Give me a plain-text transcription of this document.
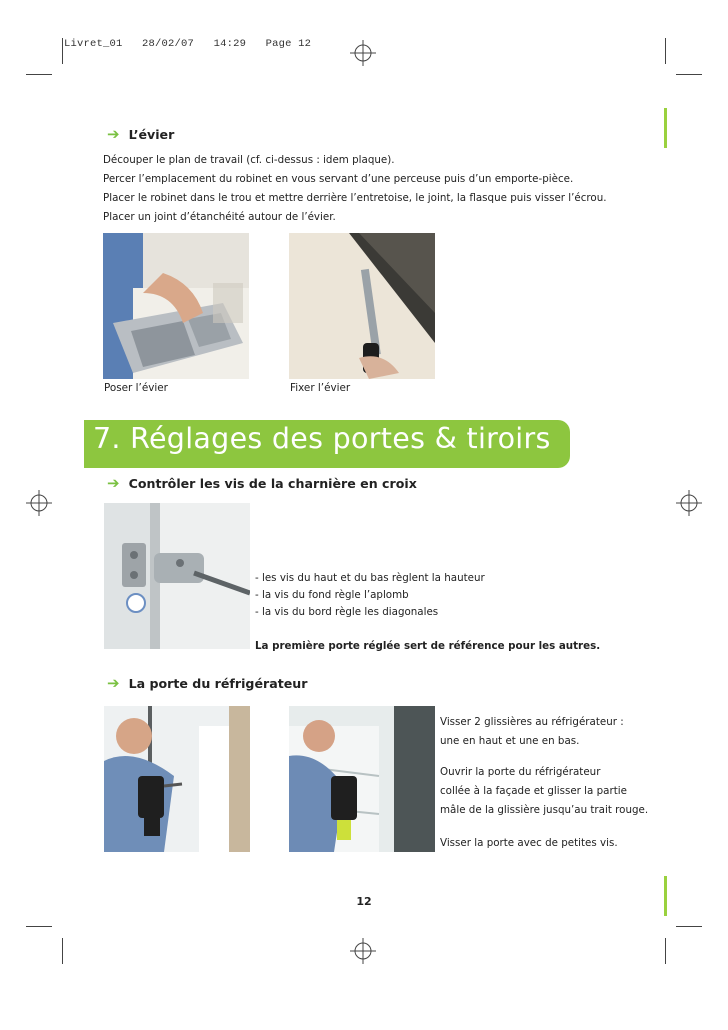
Livret_01 28/02/07 14:29 Page 12
➔ L’évier
Découper le plan de travail (cf. ci-dessus : idem plaque).
Percer l’emplacement du robinet en vous servant d’une perceuse puis d’un emporte-pièce.
Placer le robinet dans le trou et mettre derrière l’entretoise, le joint, la flasque puis visser l’écrou.
Placer un joint d’étanchéité autour de l’évier.
Poser l’évier	Fixer l’évier
7. Réglages des portes & tiroirs
➔ Contrôler les vis de la charnière en croix
- les vis du haut et du bas règlent la hauteur
- la vis du fond règle l’aplomb
- la vis du bord règle les diagonales
La première porte réglée sert de référence pour les autres.
➔ La porte du réfrigérateur
Visser 2 glissières au réfrigérateur :
une en haut et une en bas.
Ouvrir la porte du réfrigérateur
collée à la façade et glisser la partie
mâle de la glissière jusqu’au trait rouge.
Visser la porte avec de petites vis.
12
